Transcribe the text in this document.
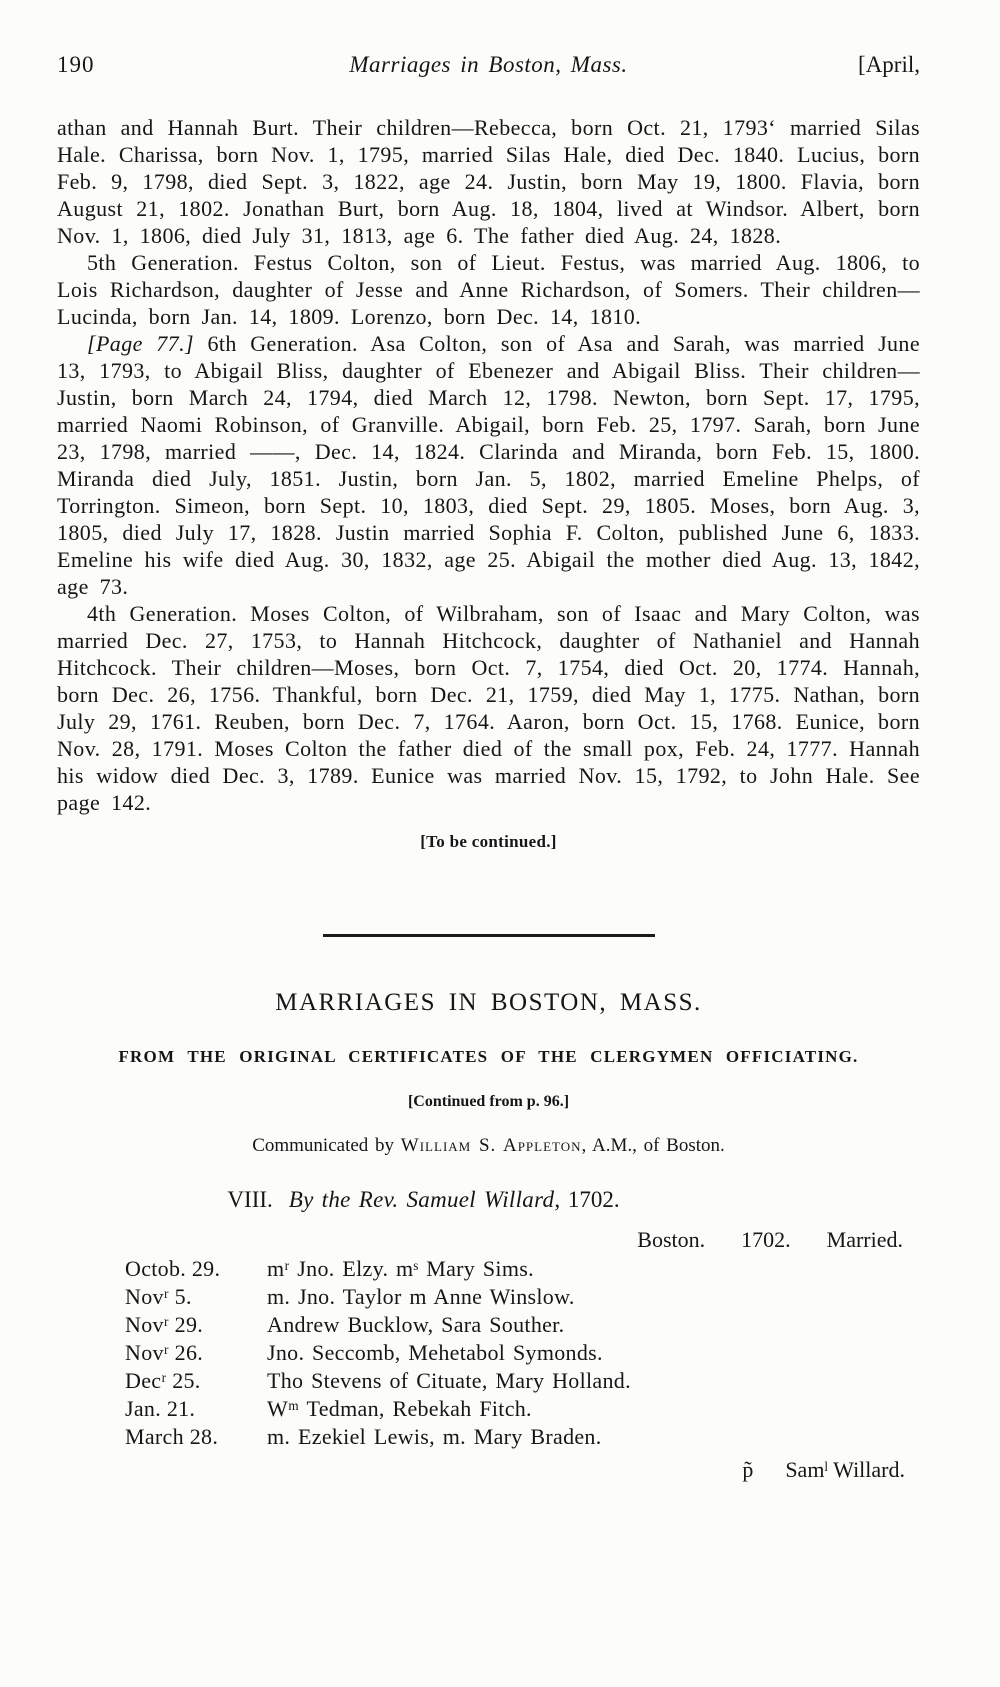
190	Marriages in Boston, Mass.	[April,

athan and Hannah Burt. Their children—Rebecca, born Oct. 21, 1793‘ married Silas Hale. Charissa, born Nov. 1, 1795, married Silas Hale, died Dec. 1840. Lucius, born Feb. 9, 1798, died Sept. 3, 1822, age 24. Justin, born May 19, 1800. Flavia, born August 21, 1802. Jonathan Burt, born Aug. 18, 1804, lived at Windsor. Albert, born Nov. 1, 1806, died July 31, 1813, age 6. The father died Aug. 24, 1828.

5th Generation. Festus Colton, son of Lieut. Festus, was married Aug. 1806, to Lois Richardson, daughter of Jesse and Anne Richardson, of Somers. Their children—Lucinda, born Jan. 14, 1809. Lorenzo, born Dec. 14, 1810.

[Page 77.] 6th Generation. Asa Colton, son of Asa and Sarah, was married June 13, 1793, to Abigail Bliss, daughter of Ebenezer and Abigail Bliss. Their children—Justin, born March 24, 1794, died March 12, 1798. Newton, born Sept. 17, 1795, married Naomi Robinson, of Granville. Abigail, born Feb. 25, 1797. Sarah, born June 23, 1798, married ——, Dec. 14, 1824. Clarinda and Miranda, born Feb. 15, 1800. Miranda died July, 1851. Justin, born Jan. 5, 1802, married Emeline Phelps, of Torrington. Simeon, born Sept. 10, 1803, died Sept. 29, 1805. Moses, born Aug. 3, 1805, died July 17, 1828. Justin married Sophia F. Colton, published June 6, 1833. Emeline his wife died Aug. 30, 1832, age 25. Abigail the mother died Aug. 13, 1842, age 73.

4th Generation. Moses Colton, of Wilbraham, son of Isaac and Mary Colton, was married Dec. 27, 1753, to Hannah Hitchcock, daughter of Nathaniel and Hannah Hitchcock. Their children—Moses, born Oct. 7, 1754, died Oct. 20, 1774. Hannah, born Dec. 26, 1756. Thankful, born Dec. 21, 1759, died May 1, 1775. Nathan, born July 29, 1761. Reuben, born Dec. 7, 1764. Aaron, born Oct. 15, 1768. Eunice, born Nov. 28, 1791. Moses Colton the father died of the small pox, Feb. 24, 1777. Hannah his widow died Dec. 3, 1789. Eunice was married Nov. 15, 1792, to John Hale. See page 142.

[To be continued.]
MARRIAGES IN BOSTON, MASS.
FROM THE ORIGINAL CERTIFICATES OF THE CLERGYMEN OFFICIATING.
[Continued from p. 96.]
Communicated by William S. Appleton, A.M., of Boston.
VIII. By the Rev. Samuel Willard, 1702.
Boston. 1702. Married.
Octob. 29.	mʳ Jno. Elzy. mˢ Mary Sims.
Novʳ 5.	m. Jno. Taylor m Anne Winslow.
Novʳ 29.	Andrew Bucklow, Sara Souther.
Novʳ 26.	Jno. Seccomb, Mehetabol Symonds.
Decʳ 25.	Tho Stevens of Cituate, Mary Holland.
Jan. 21.	Wᵐ Tedman, Rebekah Fitch.
March 28.	m. Ezekiel Lewis, m. Mary Braden.
p̃ Samˡ Willard.
